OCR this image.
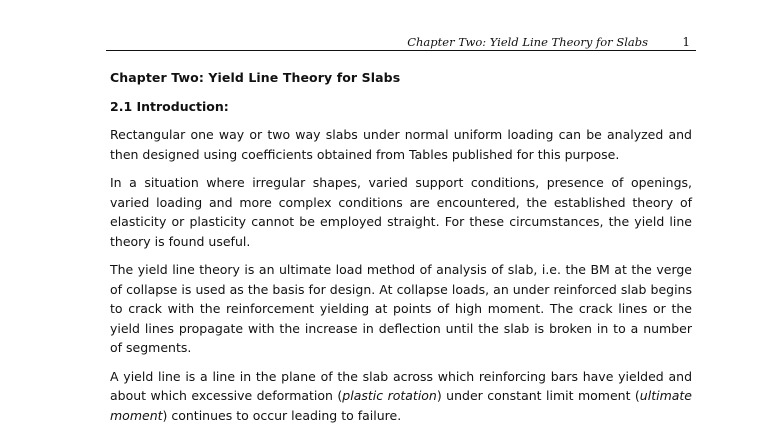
Chapter Two: Yield Line Theory for Slabs	1
Chapter Two: Yield Line Theory for Slabs
2.1 Introduction:

Rectangular one way or two way slabs under normal uniform loading can be analyzed and then designed using coefficients obtained from Tables published for this purpose.

In a situation where irregular shapes, varied support conditions, presence of openings, varied loading and more complex conditions are encountered, the established theory of elasticity or plasticity cannot be employed straight. For these circumstances, the yield line theory is found useful.

The yield line theory is an ultimate load method of analysis of slab, i.e. the BM at the verge of collapse is used as the basis for design. At collapse loads, an under reinforced slab begins to crack with the reinforcement yielding at points of high moment. The crack lines or the yield lines propagate with the increase in deflection until the slab is broken in to a number of segments.

A yield line is a line in the plane of the slab across which reinforcing bars have yielded and about which excessive deformation (plastic rotation) under constant limit moment (ultimate moment) continues to occur leading to failure.
